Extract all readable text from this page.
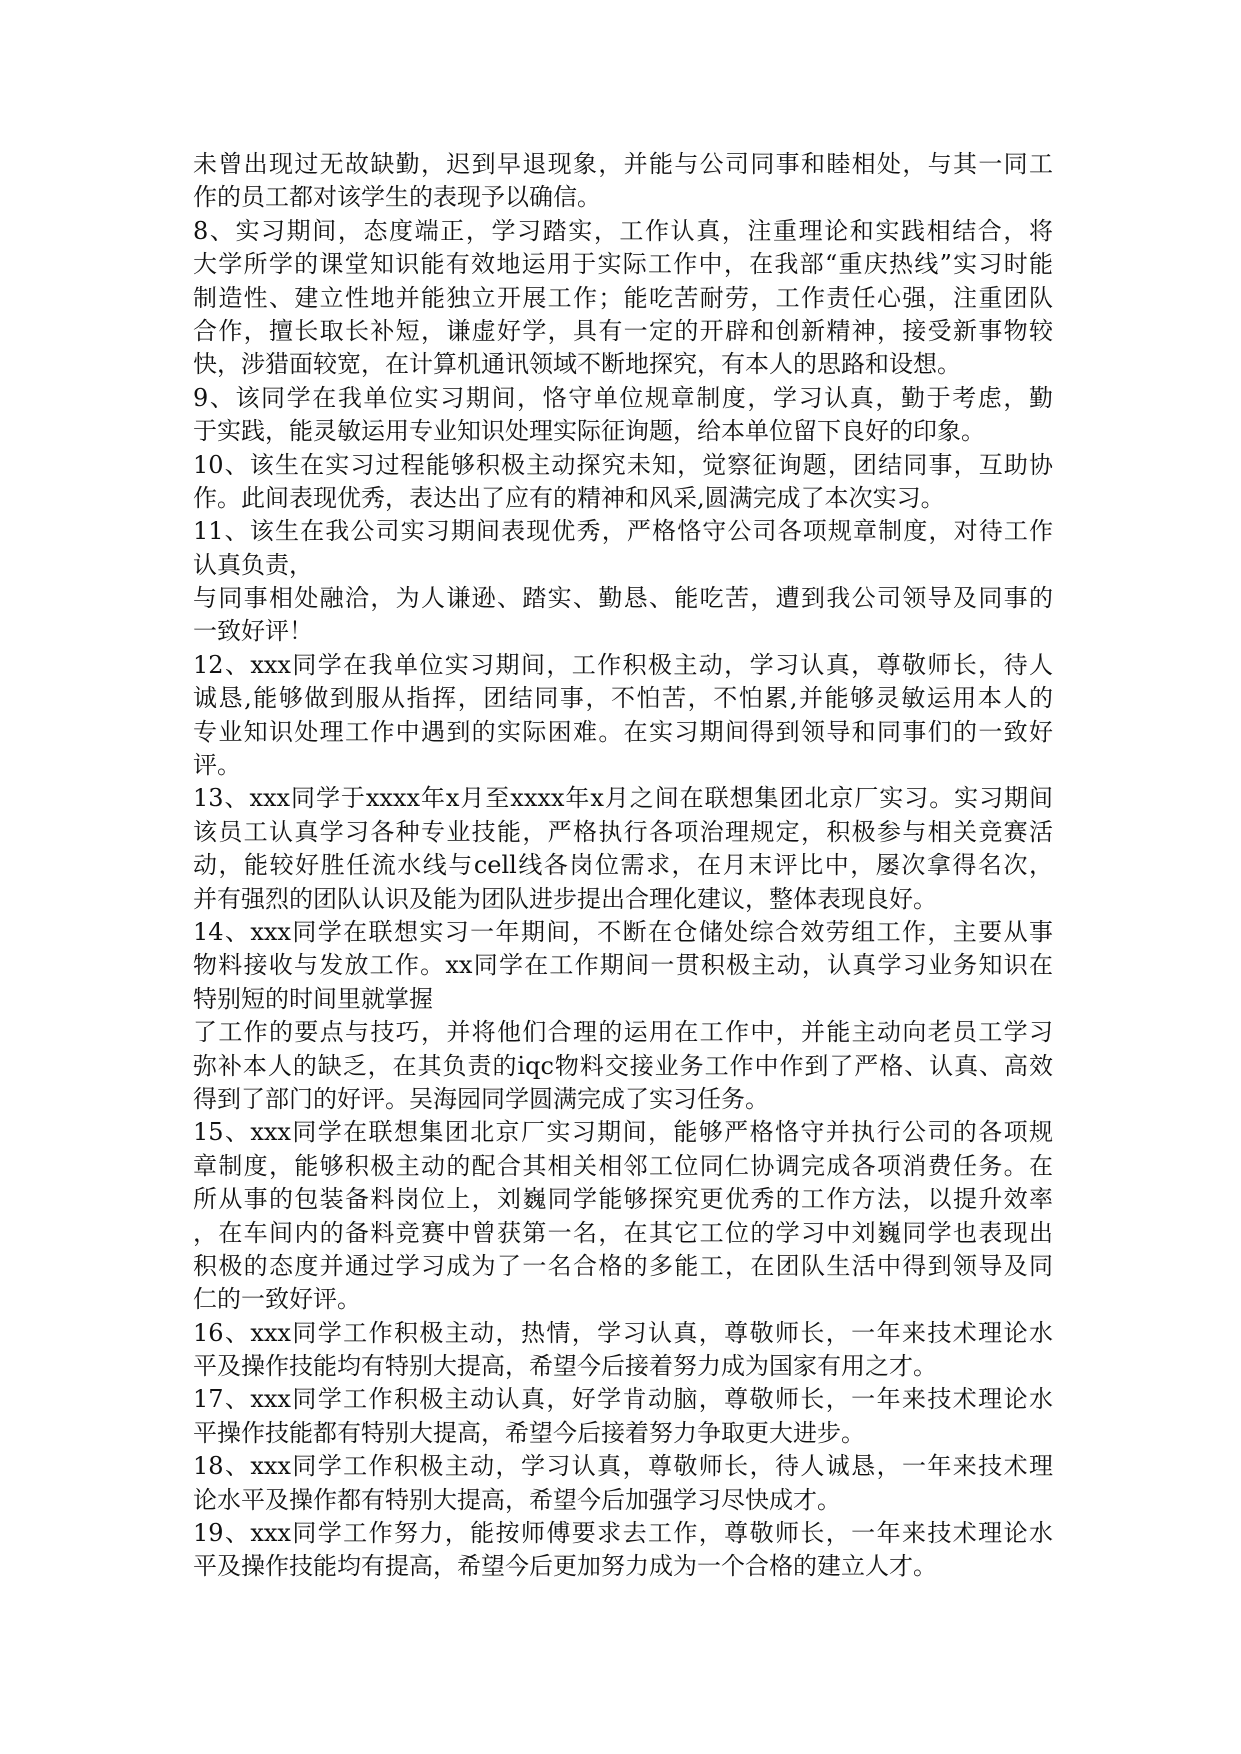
未曾出现过无故缺勤，迟到早退现象，并能与公司同事和睦相处，与其一同工
作的员工都对该学生的表现予以确信。
8、实习期间，态度端正，学习踏实，工作认真，注重理论和实践相结合，将
大学所学的课堂知识能有效地运用于实际工作中，在我部“重庆热线”实习时能
制造性、建立性地并能独立开展工作；能吃苦耐劳，工作责任心强，注重团队
合作，擅长取长补短，谦虚好学，具有一定的开辟和创新精神，接受新事物较
快，涉猎面较宽，在计算机通讯领域不断地探究，有本人的思路和设想。
9、该同学在我单位实习期间，恪守单位规章制度，学习认真，勤于考虑，勤
于实践，能灵敏运用专业知识处理实际征询题，给本单位留下良好的印象。
10、该生在实习过程能够积极主动探究未知，觉察征询题，团结同事，互助协
作。此间表现优秀，表达出了应有的精神和风采,圆满完成了本次实习。
11、该生在我公司实习期间表现优秀，严格恪守公司各项规章制度，对待工作
认真负责，
与同事相处融洽，为人谦逊、踏实、勤恳、能吃苦，遭到我公司领导及同事的
一致好评！
12、xxx同学在我单位实习期间，工作积极主动，学习认真，尊敬师长，待人
诚恳,能够做到服从指挥，团结同事，不怕苦，不怕累,并能够灵敏运用本人的
专业知识处理工作中遇到的实际困难。在实习期间得到领导和同事们的一致好
评。
13、xxx同学于xxxx年x月至xxxx年x月之间在联想集团北京厂实习。实习期间
该员工认真学习各种专业技能，严格执行各项治理规定，积极参与相关竞赛活
动，能较好胜任流水线与cell线各岗位需求，在月末评比中，屡次拿得名次，
并有强烈的团队认识及能为团队进步提出合理化建议，整体表现良好。
14、xxx同学在联想实习一年期间，不断在仓储处综合效劳组工作，主要从事
物料接收与发放工作。xx同学在工作期间一贯积极主动，认真学习业务知识在
特别短的时间里就掌握
了工作的要点与技巧，并将他们合理的运用在工作中，并能主动向老员工学习
弥补本人的缺乏，在其负责的iqc物料交接业务工作中作到了严格、认真、高效
得到了部门的好评。吴海园同学圆满完成了实习任务。
15、xxx同学在联想集团北京厂实习期间，能够严格恪守并执行公司的各项规
章制度，能够积极主动的配合其相关相邻工位同仁协调完成各项消费任务。在
所从事的包装备料岗位上，刘巍同学能够探究更优秀的工作方法，以提升效率
，在车间内的备料竞赛中曾获第一名，在其它工位的学习中刘巍同学也表现出
积极的态度并通过学习成为了一名合格的多能工，在团队生活中得到领导及同
仁的一致好评。
16、xxx同学工作积极主动，热情，学习认真，尊敬师长，一年来技术理论水
平及操作技能均有特别大提高，希望今后接着努力成为国家有用之才。
17、xxx同学工作积极主动认真，好学肯动脑，尊敬师长，一年来技术理论水
平操作技能都有特别大提高，希望今后接着努力争取更大进步。
18、xxx同学工作积极主动，学习认真，尊敬师长，待人诚恳，一年来技术理
论水平及操作都有特别大提高，希望今后加强学习尽快成才。
19、xxx同学工作努力，能按师傅要求去工作，尊敬师长，一年来技术理论水
平及操作技能均有提高，希望今后更加努力成为一个合格的建立人才。
